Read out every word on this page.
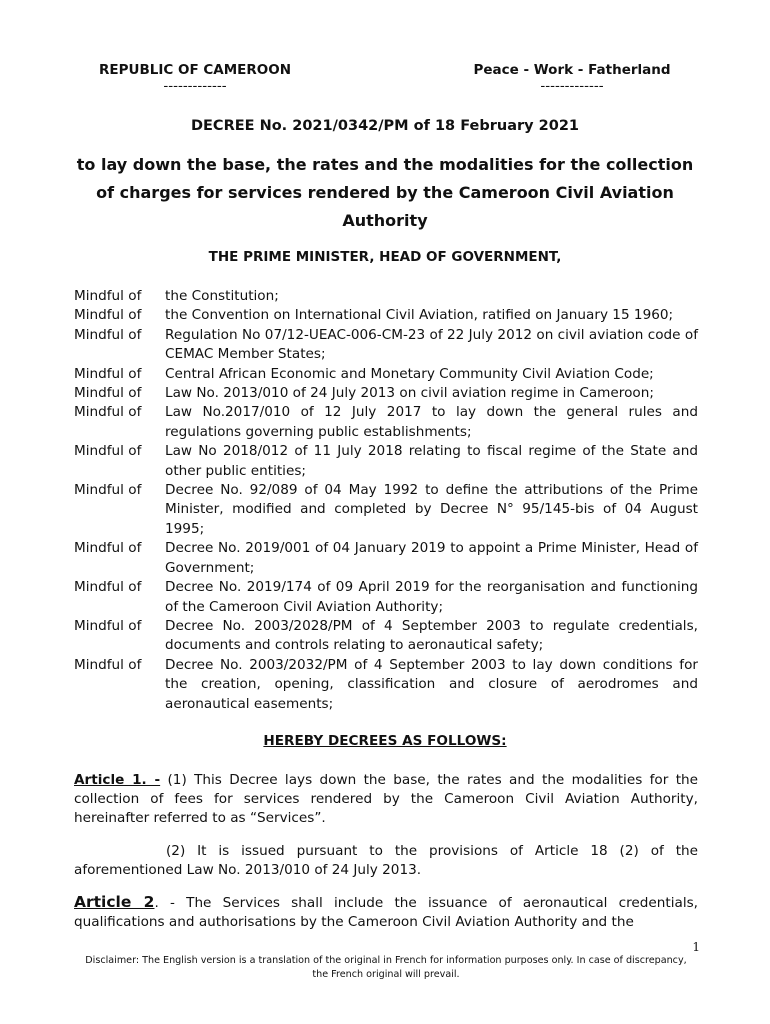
REPUBLIC OF CAMEROON
-------------
Peace - Work - Fatherland
-------------
DECREE No. 2021/0342/PM of 18 February 2021
to lay down the base, the rates and the modalities for the collection of charges for services rendered by the Cameroon Civil Aviation Authority
THE PRIME MINISTER, HEAD OF GOVERNMENT,
Mindful of	the Constitution;
Mindful of	the Convention on International Civil Aviation, ratified on January 15 1960;
Mindful of	Regulation No 07/12-UEAC-006-CM-23 of 22 July 2012 on civil aviation code of CEMAC Member States;
Mindful of	Central African Economic and Monetary Community Civil Aviation Code;
Mindful of	Law No. 2013/010 of 24 July 2013 on civil aviation regime in Cameroon;
Mindful of	Law No.2017/010 of 12 July 2017 to lay down the general rules and regulations governing public establishments;
Mindful of	Law No 2018/012 of 11 July 2018 relating to fiscal regime of the State and other public entities;
Mindful of	Decree No. 92/089 of 04 May 1992 to define the attributions of the Prime Minister, modified and completed by Decree N° 95/145-bis of 04 August 1995;
Mindful of	Decree No. 2019/001 of 04 January 2019 to appoint a Prime Minister, Head of Government;
Mindful of	Decree No. 2019/174 of 09 April 2019 for the reorganisation and functioning of the Cameroon Civil Aviation Authority;
Mindful of	Decree No. 2003/2028/PM of 4 September 2003 to regulate credentials, documents and controls relating to aeronautical safety;
Mindful of	Decree No. 2003/2032/PM of 4 September 2003 to lay down conditions for the creation, opening, classification and closure of aerodromes and aeronautical easements;
HEREBY DECREES AS FOLLOWS:
Article 1. - (1) This Decree lays down the base, the rates and the modalities for the collection of fees for services rendered by the Cameroon Civil Aviation Authority, hereinafter referred to as “Services”.
(2) It is issued pursuant to the provisions of Article 18 (2) of the aforementioned Law No. 2013/010 of 24 July 2013.
Article 2. - The Services shall include the issuance of aeronautical credentials, qualifications and authorisations by the Cameroon Civil Aviation Authority and the
1
Disclaimer: The English version is a translation of the original in French for information purposes only. In case of discrepancy, the French original will prevail.
